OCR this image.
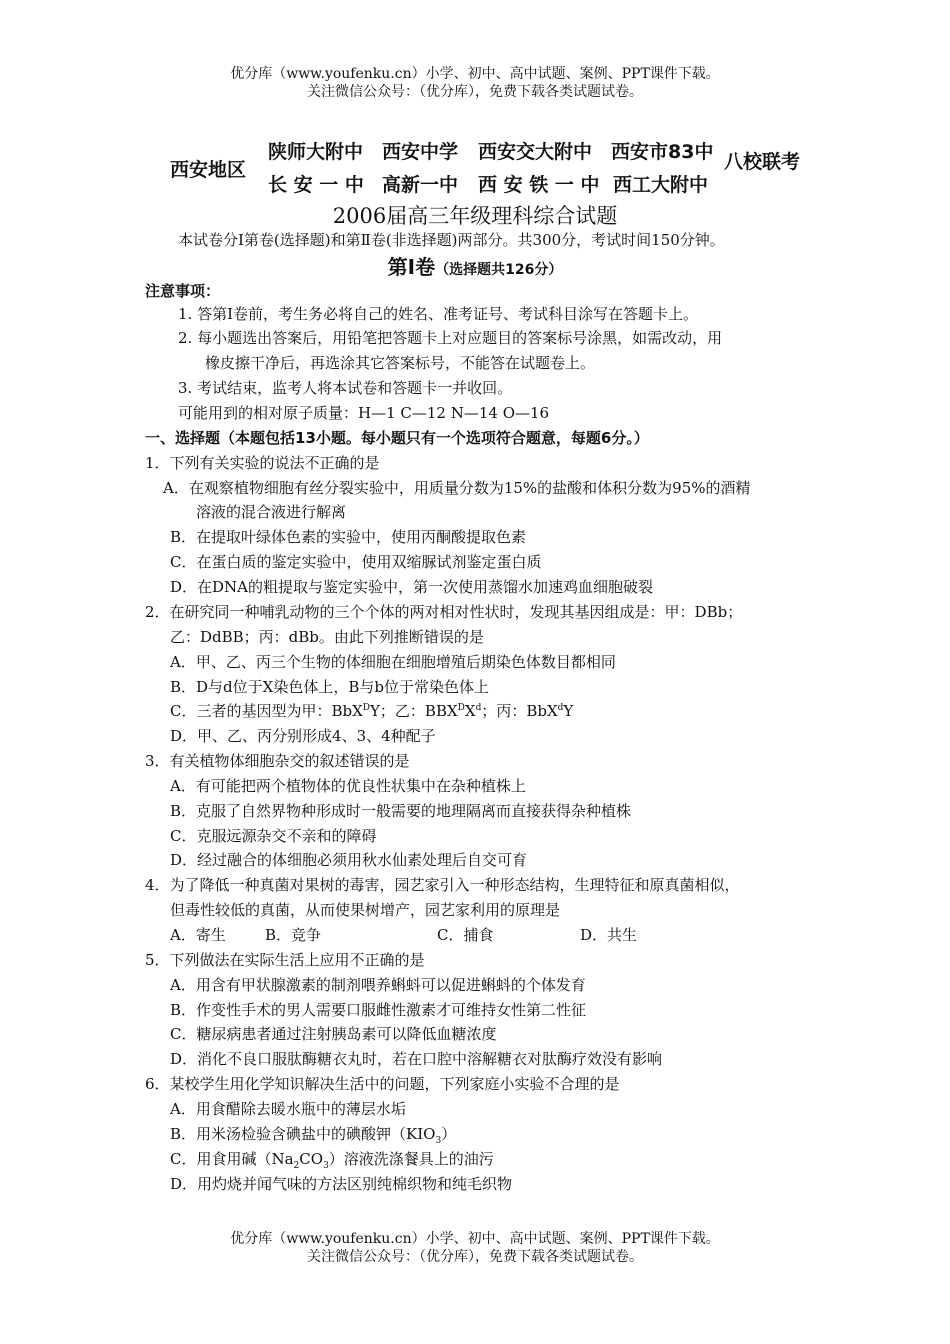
优分库（www.youfenku.cn）小学、初中、高中试题、案例、PPT课件下载。
关注微信公众号：（优分库），免费下载各类试题试卷。
西安地区
陕师大附中 西安中学 西安交大附中 西安市83中
长 安 一 中 高新一中 西 安 铁 一 中 西工大附中
八校联考
2006届高三年级理科综合试题
本试卷分Ⅰ第卷(选择题)和第Ⅱ卷(非选择题)两部分。共300分，考试时间150分钟。
第Ⅰ卷（选择题共126分）
注意事项：
1. 答第Ⅰ卷前，考生务必将自己的姓名、准考证号、考试科目涂写在答题卡上。
2. 每小题选出答案后，用铅笔把答题卡上对应题目的答案标号涂黑，如需改动，用
橡皮擦干净后，再选涂其它答案标号，不能答在试题卷上。
3. 考试结束，监考人将本试卷和答题卡一并收回。
可能用到的相对原子质量：H—1 C—12 N—14 O—16
一、选择题（本题包括13小题。每小题只有一个选项符合题意，每题6分。）
1．下列有关实验的说法不正确的是
A．在观察植物细胞有丝分裂实验中，用质量分数为15%的盐酸和体积分数为95%的酒精
溶液的混合液进行解离
B．在提取叶绿体色素的实验中，使用丙酮酸提取色素
C．在蛋白质的鉴定实验中，使用双缩脲试剂鉴定蛋白质
D．在DNA的粗提取与鉴定实验中，第一次使用蒸馏水加速鸡血细胞破裂
2．在研究同一种哺乳动物的三个个体的两对相对性状时，发现其基因组成是：甲：DBb；
乙：DdBB；丙：dBb。由此下列推断错误的是
A．甲、乙、丙三个生物的体细胞在细胞增殖后期染色体数目都相同
B．D与d位于X染色体上，B与b位于常染色体上
C．三者的基因型为甲：BbX$^D$Y；乙：$BBX^DX^d$；丙：BbX$^d$Y
D．甲、乙、丙分别形成4、3、4种配子
3．有关植物体细胞杂交的叙述错误的是
A．有可能把两个植物体的优良性状集中在杂种植株上
B．克服了自然界物种形成时一般需要的地理隔离而直接获得杂种植株
C．克服远源杂交不亲和的障碍
D．经过融合的体细胞必须用秋水仙素处理后自交可育
4．为了降低一种真菌对果树的毒害，园艺家引入一种形态结构，生理特征和原真菌相似，
但毒性较低的真菌，从而使果树增产，园艺家利用的原理是
A．寄生	B．竞争	C．捕食	D．共生
5．下列做法在实际生活上应用不正确的是
A．用含有甲状腺激素的制剂喂养蝌蚪可以促进蝌蚪的个体发育
B．作变性手术的男人需要口服雌性激素才可维持女性第二性征
C．糖尿病患者通过注射胰岛素可以降低血糖浓度
D．消化不良口服肽酶糖衣丸时，若在口腔中溶解糖衣对肽酶疗效没有影响
6．某校学生用化学知识解决生活中的问题，下列家庭小实验不合理的是
A．用食醋除去暖水瓶中的薄层水垢
B．用米汤检验含碘盐中的碘酸钾$(KIO_3)$
C．用食用碱$(Na_2CO_3)$溶液洗涤餐具上的油污
D．用灼烧并闻气味的方法区别纯棉织物和纯毛织物
优分库（www.youfenku.cn）小学、初中、高中试题、案例、PPT课件下载。
关注微信公众号：（优分库），免费下载各类试题试卷。
